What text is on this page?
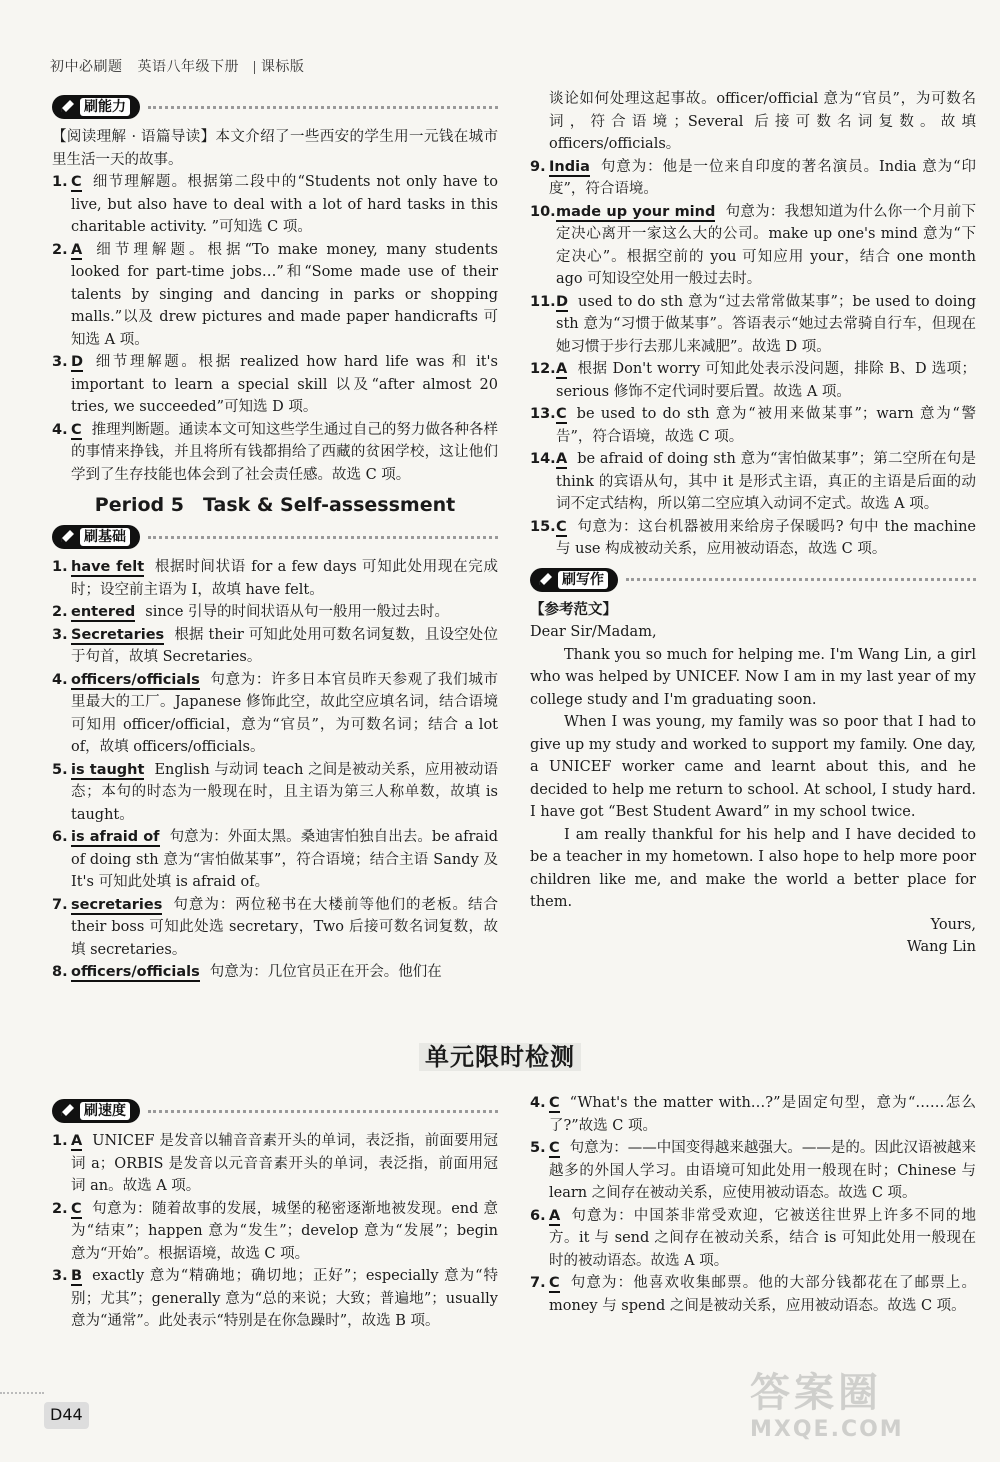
初中必刷题 英语八年级下册 课标版
刷能力
【阅读理解 · 语篇导读】本文介绍了一些西安的学生用一元钱在城市里生活一天的故事。
1. C 细节理解题。根据第二段中的“Students not only have to live, but also have to deal with a lot of hard tasks in this charitable activity. ”可知选 C 项。
2. A 细节理解题。根据“To make money, many students looked for part-time jobs…”和“Some made use of their talents by singing and dancing in parks or shopping malls.”以及 drew pictures and made paper handicrafts 可知选 A 项。
3. D 细节理解题。根据 realized how hard life was 和 it's important to learn a special skill 以及“after almost 20 tries, we succeeded”可知选 D 项。
4. C 推理判断题。通读本文可知这些学生通过自己的努力做各种各样的事情来挣钱，并且将所有钱都捐给了西藏的贫困学校，这让他们学到了生存技能也体会到了社会责任感。故选 C 项。
Period 5　Task & Self-assessment
刷基础
1. have felt 根据时间状语 for a few days 可知此处用现在完成时；设空前主语为 I，故填 have felt。
2. entered since 引导的时间状语从句一般用一般过去时。
3. Secretaries 根据 their 可知此处用可数名词复数，且设空处位于句首，故填 Secretaries。
4. officers/officials 句意为：许多日本官员昨天参观了我们城市里最大的工厂。Japanese 修饰此空，故此空应填名词，结合语境可知用 officer/official，意为“官员”，为可数名词；结合 a lot of，故填 officers/officials。
5. is taught English 与动词 teach 之间是被动关系，应用被动语态；本句的时态为一般现在时，且主语为第三人称单数，故填 is taught。
6. is afraid of 句意为：外面太黑。桑迪害怕独自出去。be afraid of doing sth 意为“害怕做某事”，符合语境；结合主语 Sandy 及 It's 可知此处填 is afraid of。
7. secretaries 句意为：两位秘书在大楼前等他们的老板。结合 their boss 可知此处选 secretary，Two 后接可数名词复数，故填 secretaries。
8. officers/officials 句意为：几位官员正在开会。他们在
谈论如何处理这起事故。officer/official 意为“官员”，为可数名词，符合语境；Several 后接可数名词复数。故填 officers/officials。
9. India 句意为：他是一位来自印度的著名演员。India 意为“印度”，符合语境。
10. made up your mind 句意为：我想知道为什么你一个月前下定决心离开一家这么大的公司。make up one's mind 意为“下定决心”。根据空前的 you 可知应用 your，结合 one month ago 可知设空处用一般过去时。
11. D used to do sth 意为“过去常常做某事”；be used to doing sth 意为“习惯于做某事”。答语表示“她过去常骑自行车，但现在她习惯于步行去那儿来减肥”。故选 D 项。
12. A 根据 Don't worry 可知此处表示没问题，排除 B、D 选项；serious 修饰不定代词时要后置。故选 A 项。
13. C be used to do sth 意为“被用来做某事”；warn 意为“警告”，符合语境，故选 C 项。
14. A be afraid of doing sth 意为“害怕做某事”；第二空所在句是 think 的宾语从句，其中 it 是形式主语，真正的主语是后面的动词不定式结构，所以第二空应填入动词不定式。故选 A 项。
15. C 句意为：这台机器被用来给房子保暖吗? 句中 the machine 与 use 构成被动关系，应用被动语态，故选 C 项。
刷写作
【参考范文】

Dear Sir/Madam,

Thank you so much for helping me. I'm Wang Lin, a girl who was helped by UNICEF. Now I am in my last year of my college study and I'm graduating soon.

When I was young, my family was so poor that I had to give up my study and worked to support my family. One day, a UNICEF worker came and learnt about this, and he decided to help me return to school. At school, I study hard. I have got “Best Student Award” in my school twice.

I am really thankful for his help and I have decided to be a teacher in my hometown. I also hope to help more poor children like me, and make the world a better place for them.

Yours,

Wang Lin

单元限时检测
刷速度
1. A UNICEF 是发音以辅音音素开头的单词，表泛指，前面要用冠词 a；ORBIS 是发音以元音音素开头的单词，表泛指，前面用冠词 an。故选 A 项。
2. C 句意为：随着故事的发展，城堡的秘密逐渐地被发现。end 意为“结束”；happen 意为“发生”；develop 意为“发展”；begin 意为“开始”。根据语境，故选 C 项。
3. B exactly 意为“精确地；确切地；正好”；especially 意为“特别；尤其”；generally 意为“总的来说；大致；普遍地”；usually 意为“通常”。此处表示“特别是在你急躁时”，故选 B 项。
4. C “What's the matter with…?”是固定句型，意为“……怎么了?”故选 C 项。
5. C 句意为：——中国变得越来越强大。——是的。因此汉语被越来越多的外国人学习。由语境可知此处用一般现在时；Chinese 与 learn 之间存在被动关系，应使用被动语态。故选 C 项。
6. A 句意为：中国茶非常受欢迎，它被送往世界上许多不同的地方。it 与 send 之间存在被动关系，结合 is 可知此处用一般现在时的被动语态。故选 A 项。
7. C 句意为：他喜欢收集邮票。他的大部分钱都花在了邮票上。money 与 spend 之间是被动关系，应用被动语态。故选 C 项。
D44	答案圈
MXQE.COM
